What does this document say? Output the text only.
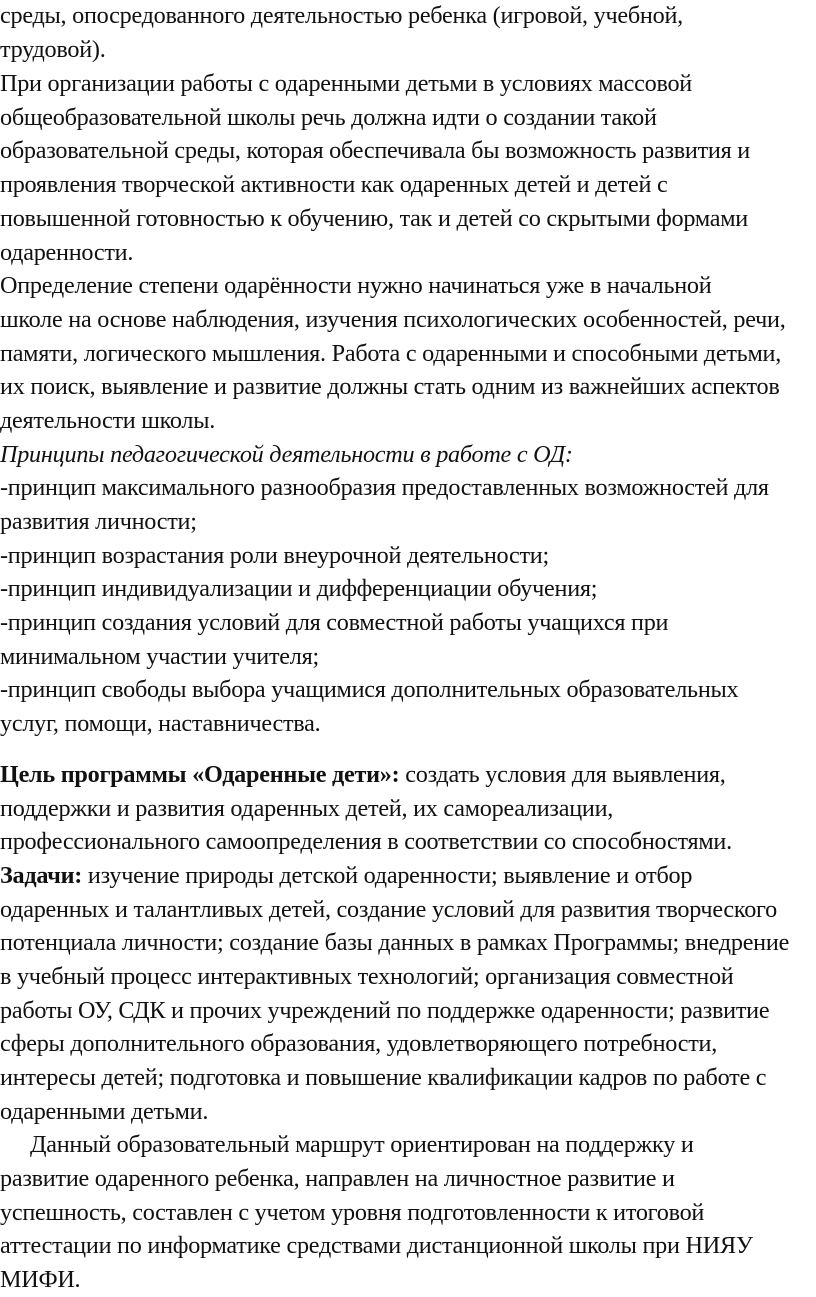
среды, опосредованного деятельностью ребенка (игровой, учебной,
трудовой).
При организации работы с одаренными детьми в условиях массовой
общеобразовательной школы речь должна идти о создании такой
образовательной среды, которая обеспечивала бы возможность развития и
проявления творческой активности как одаренных детей и детей с
повышенной готовностью к обучению, так и детей со скрытыми формами
одаренности.
Определение степени одарённости нужно начинаться уже в начальной
школе на основе наблюдения, изучения психологических особенностей, речи,
памяти, логического мышления. Работа с одаренными и способными детьми,
их поиск, выявление и развитие должны стать одним из важнейших аспектов
деятельности школы.
Принципы педагогической деятельности в работе с ОД:
-принцип максимального разнообразия предоставленных возможностей для
развития личности;
-принцип возрастания роли внеурочной деятельности;
-принцип индивидуализации и дифференциации обучения;
-принцип создания условий для совместной работы учащихся при
минимальном участии учителя;
-принцип свободы выбора учащимися дополнительных образовательных
услуг, помощи, наставничества.
Цель программы «Одаренные дети»: создать условия для выявления,
поддержки и развития одаренных детей, их самореализации,
профессионального самоопределения в соответствии со способностями.
Задачи: изучение природы детской одаренности; выявление и отбор
одаренных и талантливых детей, создание условий для развития творческого
потенциала личности; создание базы данных в рамках Программы; внедрение
в учебный процесс интерактивных технологий; организация совместной
работы ОУ, СДК и прочих учреждений по поддержке одаренности; развитие
сферы дополнительного образования, удовлетворяющего потребности,
интересы детей; подготовка и повышение квалификации кадров по работе с
одаренными детьми.
Данный образовательный маршрут ориентирован на поддержку и
развитие одаренного ребенка, направлен на личностное развитие и
успешность, составлен с учетом уровня подготовленности к итоговой
аттестации по информатике средствами дистанционной школы при НИЯУ
МИФИ.
